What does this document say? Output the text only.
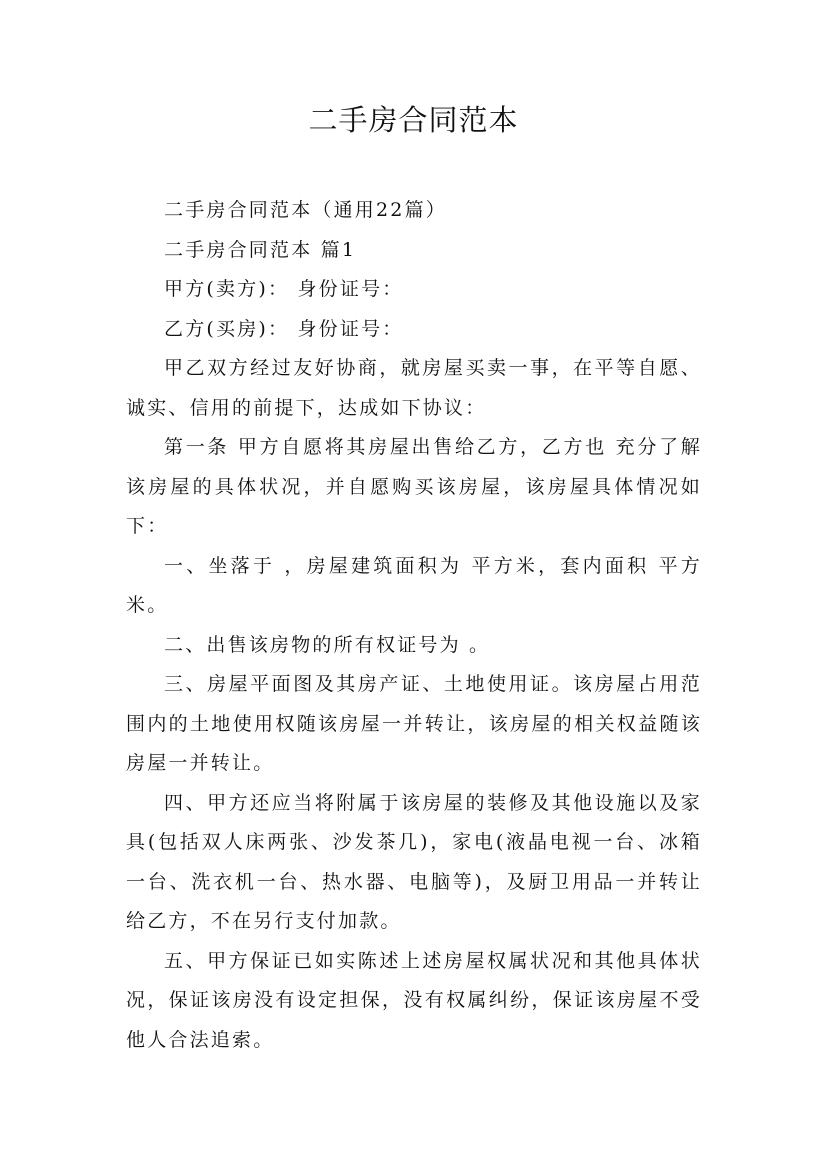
二手房合同范本

二手房合同范本（通用22篇）

二手房合同范本 篇1

甲方(卖方)： 身份证号：

乙方(买房)： 身份证号：

甲乙双方经过友好协商，就房屋买卖一事，在平等自愿、诚实、信用的前提下，达成如下协议：

第一条 甲方自愿将其房屋出售给乙方，乙方也 充分了解该房屋的具体状况，并自愿购买该房屋，该房屋具体情况如下：

一、坐落于 ，房屋建筑面积为 平方米，套内面积 平方米。

二、出售该房物的所有权证号为 。

三、房屋平面图及其房产证、土地使用证。该房屋占用范围内的土地使用权随该房屋一并转让，该房屋的相关权益随该房屋一并转让。

四、甲方还应当将附属于该房屋的装修及其他设施以及家具(包括双人床两张、沙发茶几)，家电(液晶电视一台、冰箱一台、洗衣机一台、热水器、电脑等)，及厨卫用品一并转让给乙方，不在另行支付加款。

五、甲方保证已如实陈述上述房屋权属状况和其他具体状况，保证该房没有设定担保，没有权属纠纷，保证该房屋不受他人合法追索。
